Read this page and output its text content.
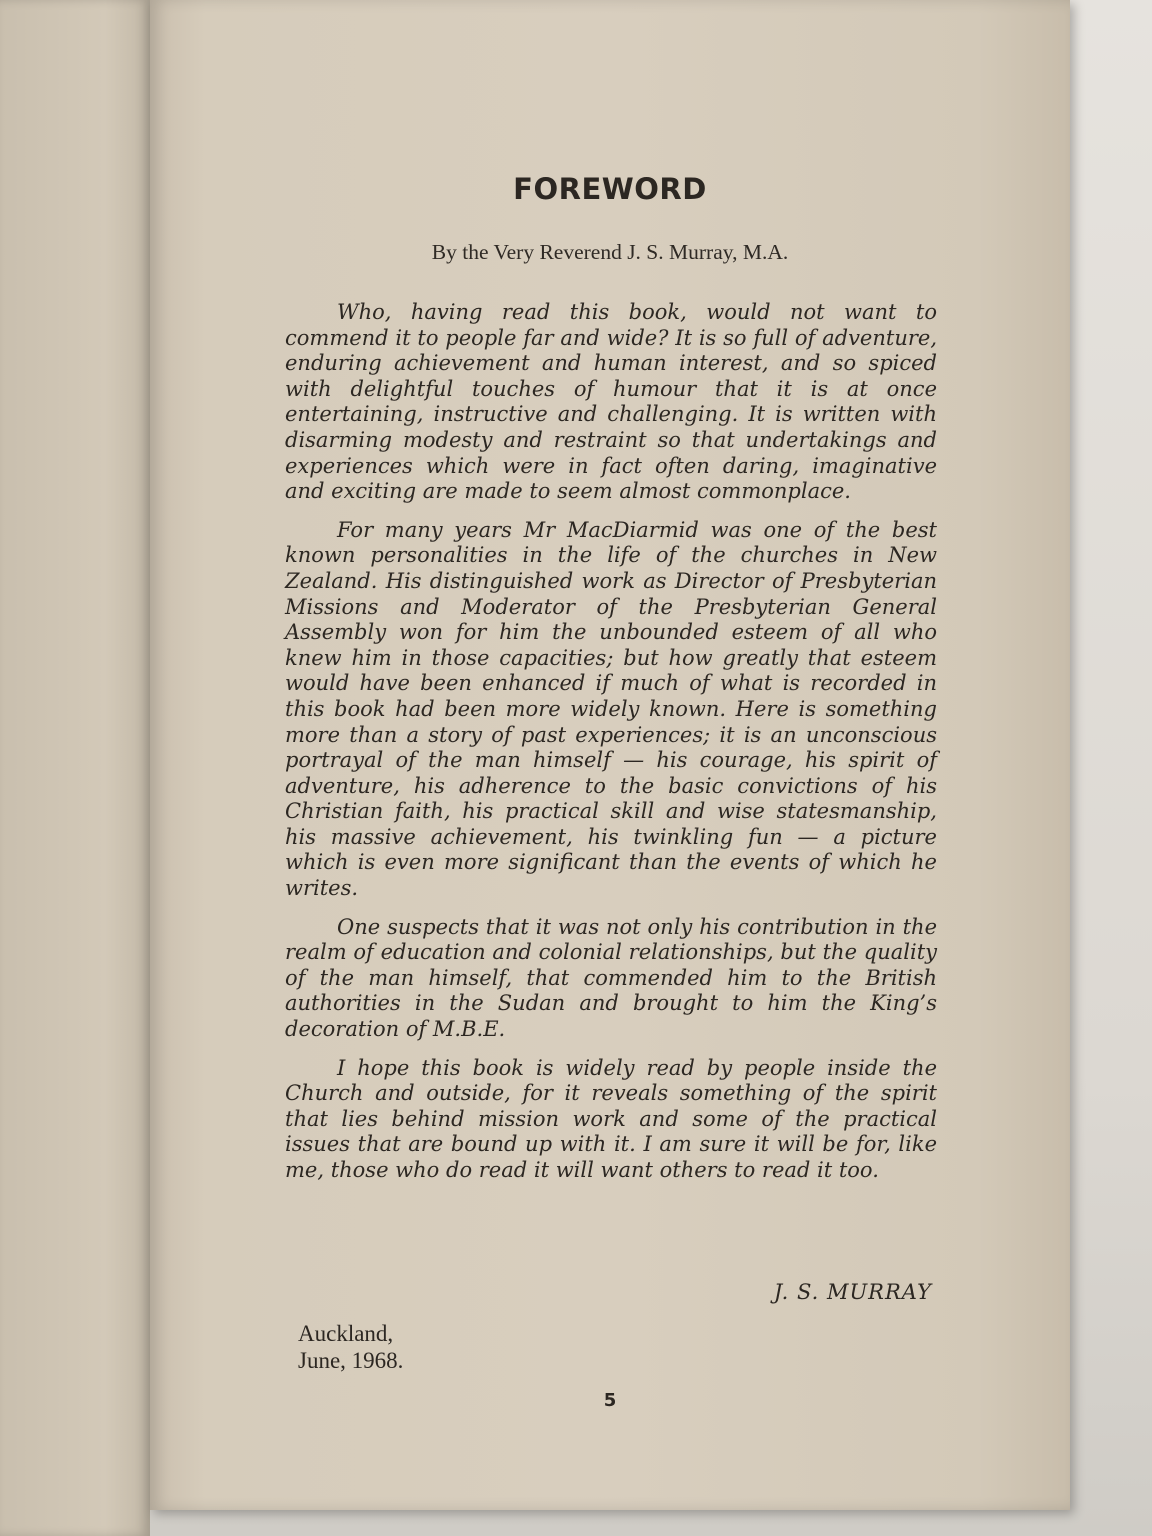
FOREWORD

By the Very Reverend J. S. Murray, M.A.

Who, having read this book, would not want to commend it to people far and wide? It is so full of adventure, enduring achievement and human interest, and so spiced with delightful touches of humour that it is at once entertaining, instructive and challenging. It is written with disarming modesty and restraint so that undertakings and experiences which were in fact often daring, imaginative and exciting are made to seem almost commonplace.

For many years Mr MacDiarmid was one of the best known personalities in the life of the churches in New Zealand. His distinguished work as Director of Presbyterian Missions and Moderator of the Presbyterian General Assembly won for him the unbounded esteem of all who knew him in those capacities; but how greatly that esteem would have been enhanced if much of what is recorded in this book had been more widely known. Here is something more than a story of past experiences; it is an unconscious portrayal of the man himself — his courage, his spirit of adventure, his adherence to the basic convictions of his Christian faith, his practical skill and wise statesmanship, his massive achievement, his twinkling fun — a picture which is even more significant than the events of which he writes.

One suspects that it was not only his contribution in the realm of education and colonial relationships, but the quality of the man himself, that commended him to the British authorities in the Sudan and brought to him the King’s decoration of M.B.E.

I hope this book is widely read by people inside the Church and outside, for it reveals something of the spirit that lies behind mission work and some of the practical issues that are bound up with it. I am sure it will be for, like me, those who do read it will want others to read it too.

J. S. MURRAY

Auckland,
June, 1968.

5
